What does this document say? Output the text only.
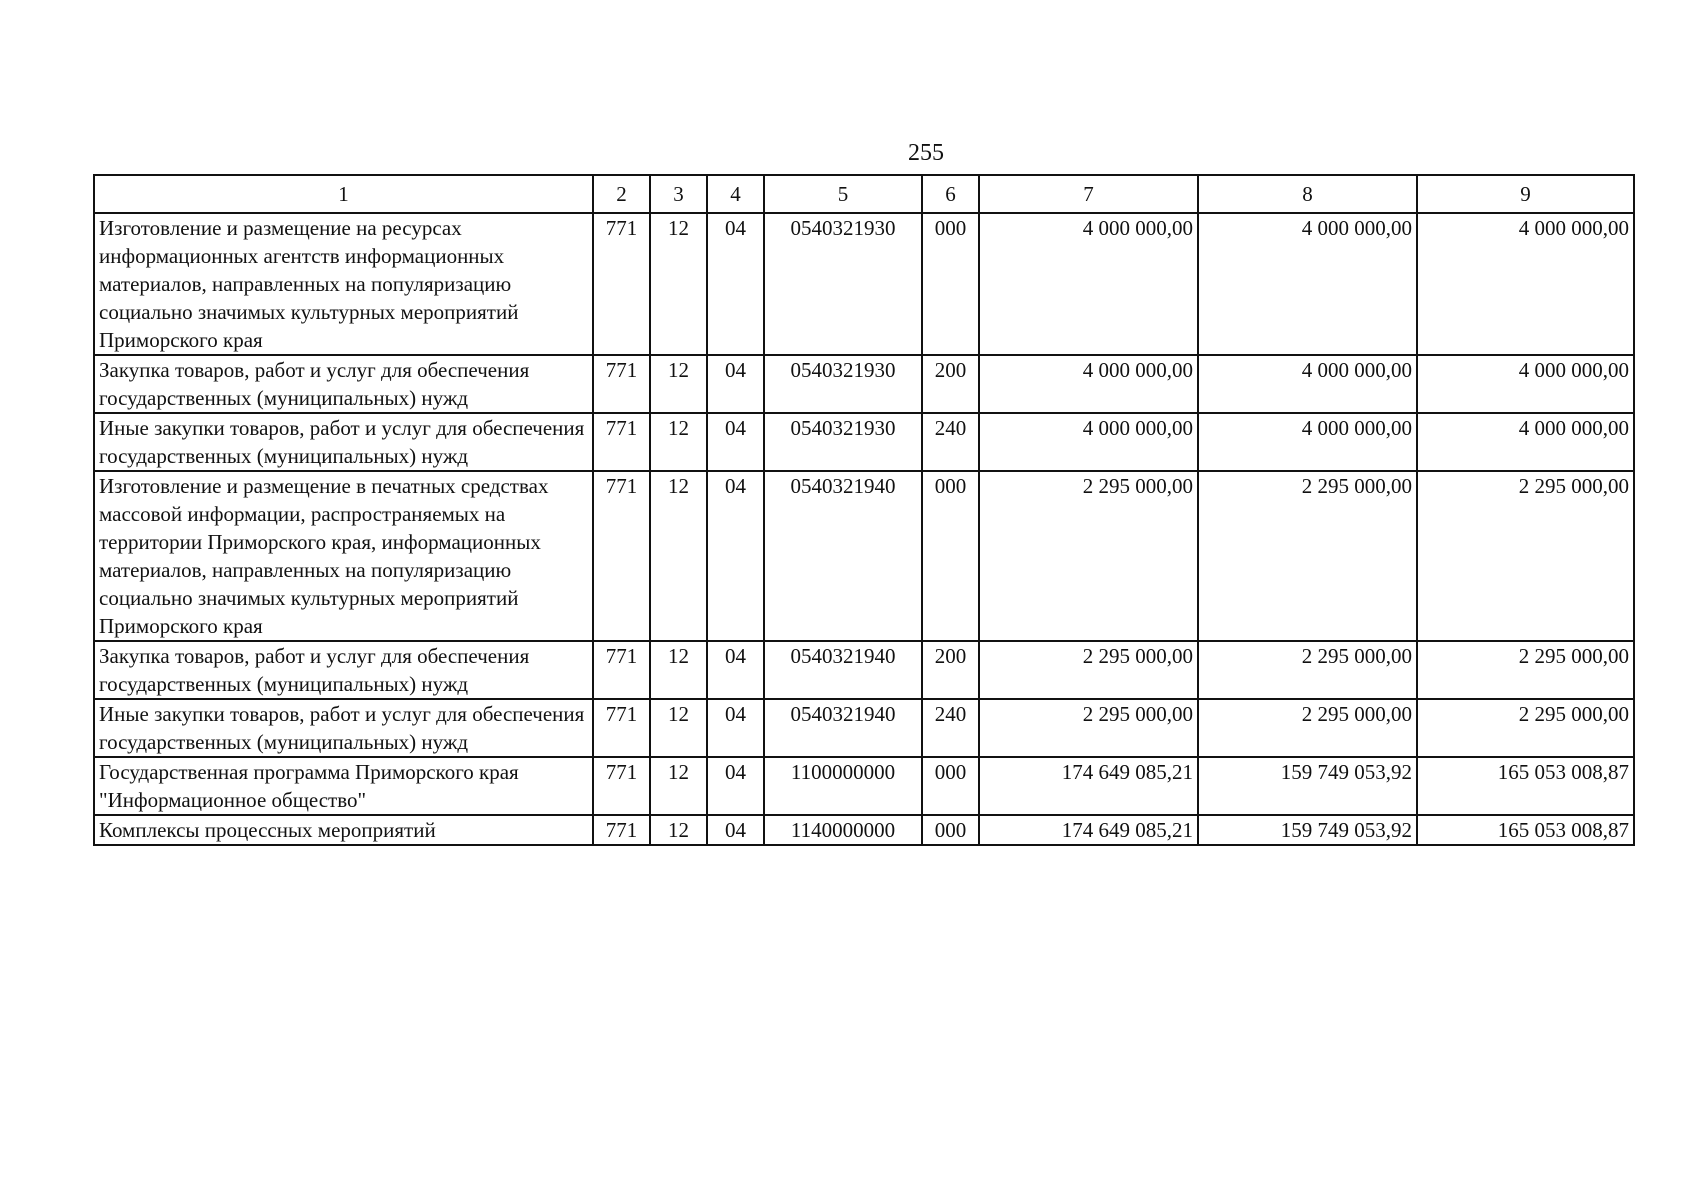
255
1	2	3	4	5	6	7	8	9
Изготовление и размещение на ресурсах информационных агентств информационных материалов, направленных на популяризацию социально значимых культурных мероприятий Приморского края	771	12	04	0540321930	000	4 000 000,00	4 000 000,00	4 000 000,00
Закупка товаров, работ и услуг для обеспечения государственных (муниципальных) нужд	771	12	04	0540321930	200	4 000 000,00	4 000 000,00	4 000 000,00
Иные закупки товаров, работ и услуг для обеспечения государственных (муниципальных) нужд	771	12	04	0540321930	240	4 000 000,00	4 000 000,00	4 000 000,00
Изготовление и размещение в печатных средствах массовой информации, распространяемых на территории Приморского края, информационных материалов, направленных на популяризацию социально значимых культурных мероприятий Приморского края	771	12	04	0540321940	000	2 295 000,00	2 295 000,00	2 295 000,00
Закупка товаров, работ и услуг для обеспечения государственных (муниципальных) нужд	771	12	04	0540321940	200	2 295 000,00	2 295 000,00	2 295 000,00
Иные закупки товаров, работ и услуг для обеспечения государственных (муниципальных) нужд	771	12	04	0540321940	240	2 295 000,00	2 295 000,00	2 295 000,00
Государственная программа Приморского края "Информационное общество"	771	12	04	1100000000	000	174 649 085,21	159 749 053,92	165 053 008,87
Комплексы процессных мероприятий	771	12	04	1140000000	000	174 649 085,21	159 749 053,92	165 053 008,87
